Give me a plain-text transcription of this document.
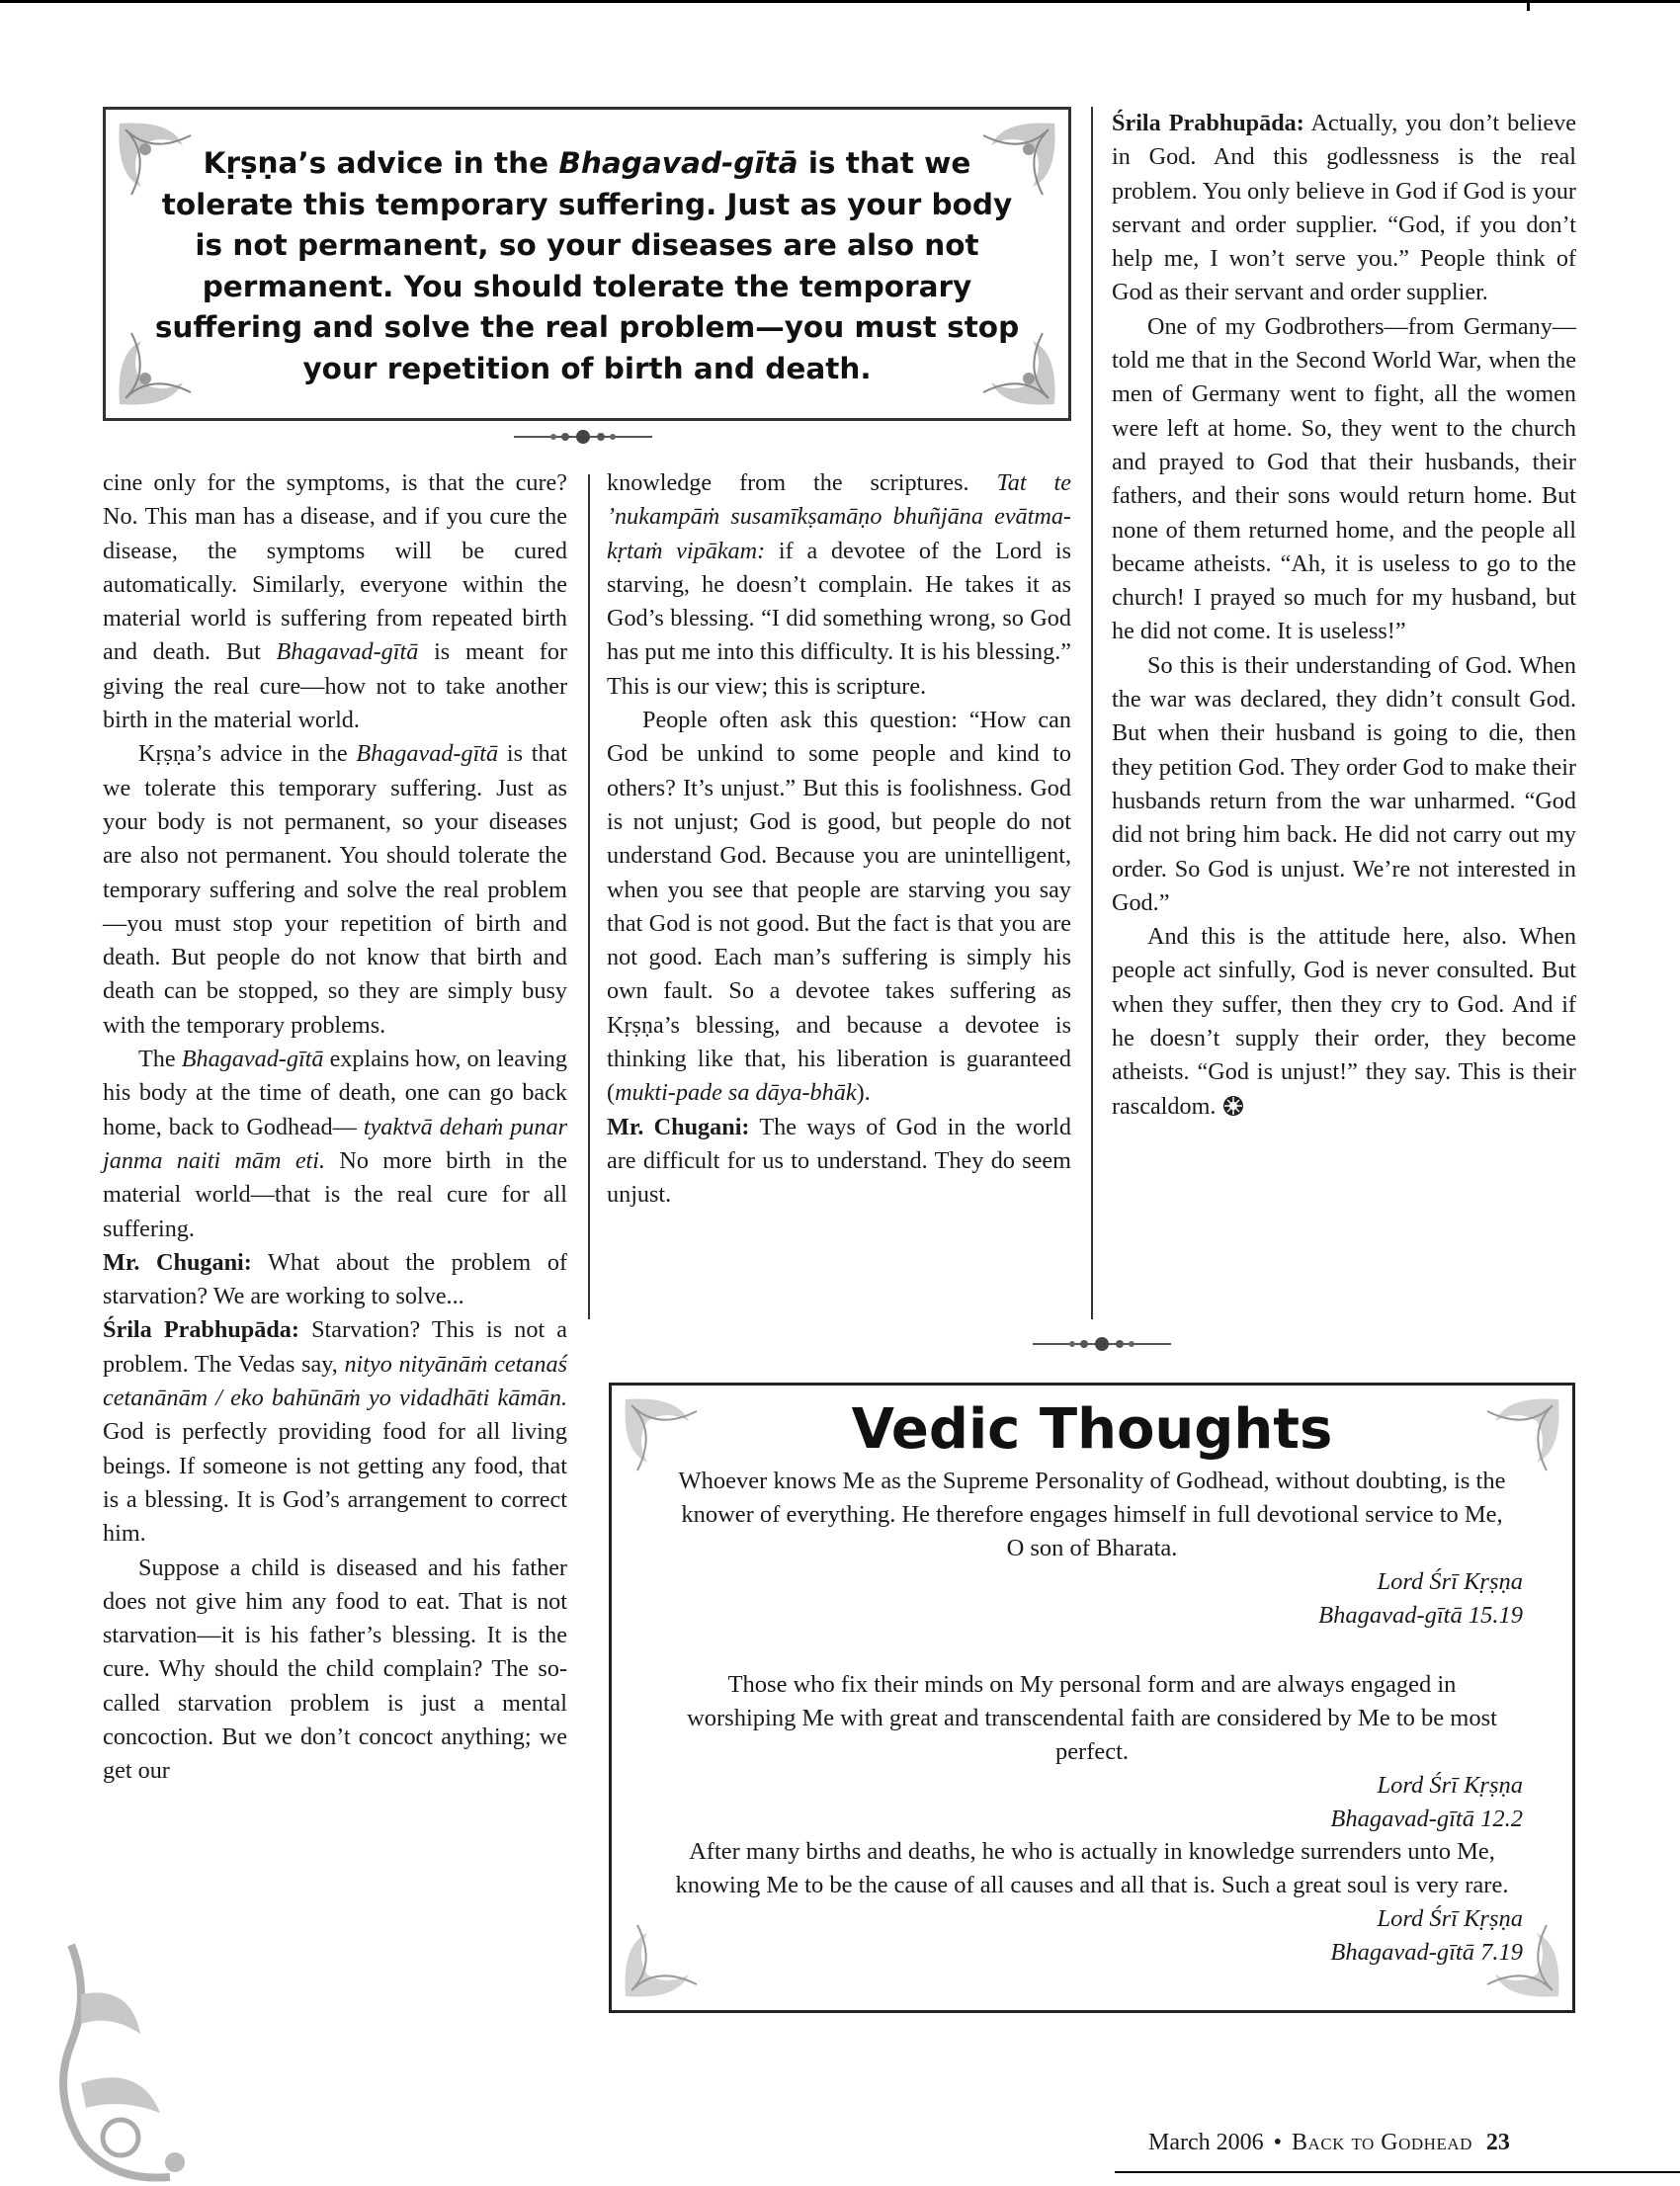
Kṛṣṇa’s advice in the Bhagavad-gītā is that we tolerate this temporary suffering. Just as your body is not permanent, so your diseases are also not permanent. You should tolerate the temporary suffering and solve the real problem—you must stop your repetition of birth and death.

cine only for the symptoms, is that the cure? No. This man has a disease, and if you cure the disease, the symptoms will be cured automatically. Similarly, everyone within the material world is suffering from repeated birth and death. But Bhagavad-gītā is meant for giving the real cure—how not to take another birth in the material world.

Kṛṣṇa’s advice in the Bhagavad-gītā is that we tolerate this temporary suffering. Just as your body is not permanent, so your diseases are also not permanent. You should tolerate the temporary suffering and solve the real problem—you must stop your repetition of birth and death. But people do not know that birth and death can be stopped, so they are simply busy with the temporary problems.

The Bhagavad-gītā explains how, on leaving his body at the time of death, one can go back home, back to Godhead— tyaktvā dehaṁ punar janma naiti mām eti. No more birth in the material world—that is the real cure for all suffering.

Mr. Chugani: What about the problem of starvation? We are working to solve...

Śrila Prabhupāda: Starvation? This is not a problem. The Vedas say, nityo nityānāṁ cetanaś cetanānām / eko bahūnāṁ yo vidadhāti kāmān. God is perfectly providing food for all living beings. If someone is not getting any food, that is a blessing. It is God’s arrangement to correct him.

Suppose a child is diseased and his father does not give him any food to eat. That is not starvation—it is his father’s blessing. It is the cure. Why should the child complain? The so-called starvation problem is just a mental concoction. But we don’t concoct anything; we get our

knowledge from the scriptures. Tat te ’nukampāṁ susamīkṣamāṇo bhuñjāna evātma-kṛtaṁ vipākam: if a devotee of the Lord is starving, he doesn’t complain. He takes it as God’s blessing. “I did something wrong, so God has put me into this difficulty. It is his blessing.” This is our view; this is scripture.

People often ask this question: “How can God be unkind to some people and kind to others? It’s unjust.” But this is foolishness. God is not unjust; God is good, but people do not understand God. Because you are unintelligent, when you see that people are starving you say that God is not good. But the fact is that you are not good. Each man’s suffering is simply his own fault. So a devotee takes suffering as Kṛṣṇa’s blessing, and because a devotee is thinking like that, his liberation is guaranteed (mukti-pade sa dāya-bhāk).

Mr. Chugani: The ways of God in the world are difficult for us to understand. They do seem unjust.

Śrila Prabhupāda: Actually, you don’t believe in God. And this godlessness is the real problem. You only believe in God if God is your servant and order supplier. “God, if you don’t help me, I won’t serve you.” People think of God as their servant and order supplier.

One of my Godbrothers—from Germany—told me that in the Second World War, when the men of Germany went to fight, all the women were left at home. So, they went to the church and prayed to God that their husbands, their fathers, and their sons would return home. But none of them returned home, and the people all became atheists. “Ah, it is useless to go to the church! I prayed so much for my husband, but he did not come. It is useless!”

So this is their understanding of God. When the war was declared, they didn’t consult God. But when their husband is going to die, then they petition God. They order God to make their husbands return from the war unharmed. “God did not bring him back. He did not carry out my order. So God is unjust. We’re not interested in God.”

And this is the attitude here, also. When people act sinfully, God is never consulted. But when they suffer, then they cry to God. And if he doesn’t supply their order, they become atheists. “God is unjust!” they say. This is their rascaldom.

Vedic Thoughts

Whoever knows Me as the Supreme Personality of Godhead, without doubting, is the knower of everything. He therefore engages himself in full devotional service to Me, O son of Bharata.

Lord Śrī Kṛṣṇa

Bhagavad-gītā 15.19

Those who fix their minds on My personal form and are always engaged in worshiping Me with great and transcendental faith are considered by Me to be most perfect.

Lord Śrī Kṛṣṇa

Bhagavad-gītā 12.2

After many births and deaths, he who is actually in knowledge surrenders unto Me, knowing Me to be the cause of all causes and all that is. Such a great soul is very rare.

Lord Śrī Kṛṣṇa

Bhagavad-gītā 7.19

March 2006 • Back to Godhead 23
